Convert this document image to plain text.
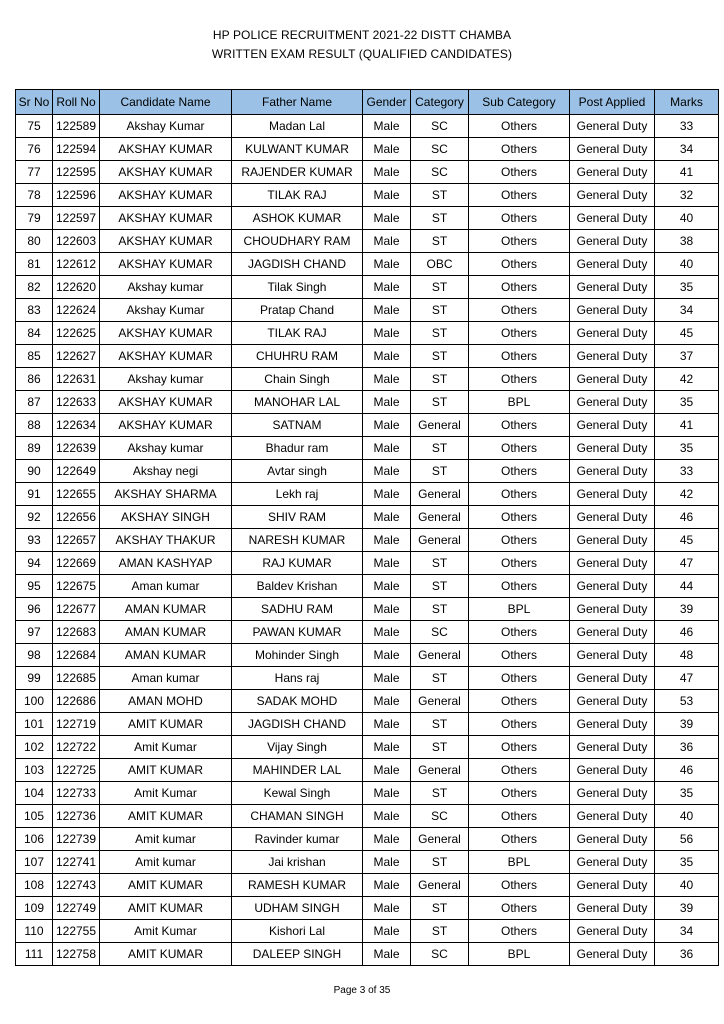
HP POLICE RECRUITMENT 2021-22 DISTT CHAMBA
WRITTEN EXAM RESULT (QUALIFIED CANDIDATES)
Sr No	Roll No	Candidate Name	Father Name	Gender	Category	Sub Category	Post Applied	Marks
75	122589	Akshay Kumar	Madan Lal	Male	SC	Others	General Duty	33
76	122594	AKSHAY KUMAR	KULWANT KUMAR	Male	SC	Others	General Duty	34
77	122595	AKSHAY KUMAR	RAJENDER KUMAR	Male	SC	Others	General Duty	41
78	122596	AKSHAY KUMAR	TILAK RAJ	Male	ST	Others	General Duty	32
79	122597	AKSHAY KUMAR	ASHOK KUMAR	Male	ST	Others	General Duty	40
80	122603	AKSHAY KUMAR	CHOUDHARY RAM	Male	ST	Others	General Duty	38
81	122612	AKSHAY KUMAR	JAGDISH CHAND	Male	OBC	Others	General Duty	40
82	122620	Akshay kumar	Tilak Singh	Male	ST	Others	General Duty	35
83	122624	Akshay Kumar	Pratap Chand	Male	ST	Others	General Duty	34
84	122625	AKSHAY KUMAR	TILAK RAJ	Male	ST	Others	General Duty	45
85	122627	AKSHAY KUMAR	CHUHRU RAM	Male	ST	Others	General Duty	37
86	122631	Akshay kumar	Chain Singh	Male	ST	Others	General Duty	42
87	122633	AKSHAY KUMAR	MANOHAR LAL	Male	ST	BPL	General Duty	35
88	122634	AKSHAY KUMAR	SATNAM	Male	General	Others	General Duty	41
89	122639	Akshay kumar	Bhadur ram	Male	ST	Others	General Duty	35
90	122649	Akshay negi	Avtar singh	Male	ST	Others	General Duty	33
91	122655	AKSHAY SHARMA	Lekh raj	Male	General	Others	General Duty	42
92	122656	AKSHAY SINGH	SHIV RAM	Male	General	Others	General Duty	46
93	122657	AKSHAY THAKUR	NARESH KUMAR	Male	General	Others	General Duty	45
94	122669	AMAN KASHYAP	RAJ KUMAR	Male	ST	Others	General Duty	47
95	122675	Aman kumar	Baldev Krishan	Male	ST	Others	General Duty	44
96	122677	AMAN KUMAR	SADHU RAM	Male	ST	BPL	General Duty	39
97	122683	AMAN KUMAR	PAWAN KUMAR	Male	SC	Others	General Duty	46
98	122684	AMAN KUMAR	Mohinder Singh	Male	General	Others	General Duty	48
99	122685	Aman kumar	Hans raj	Male	ST	Others	General Duty	47
100	122686	AMAN MOHD	SADAK MOHD	Male	General	Others	General Duty	53
101	122719	AMIT KUMAR	JAGDISH CHAND	Male	ST	Others	General Duty	39
102	122722	Amit Kumar	Vijay Singh	Male	ST	Others	General Duty	36
103	122725	AMIT KUMAR	MAHINDER LAL	Male	General	Others	General Duty	46
104	122733	Amit Kumar	Kewal Singh	Male	ST	Others	General Duty	35
105	122736	AMIT KUMAR	CHAMAN SINGH	Male	SC	Others	General Duty	40
106	122739	Amit kumar	Ravinder kumar	Male	General	Others	General Duty	56
107	122741	Amit kumar	Jai krishan	Male	ST	BPL	General Duty	35
108	122743	AMIT KUMAR	RAMESH KUMAR	Male	General	Others	General Duty	40
109	122749	AMIT KUMAR	UDHAM SINGH	Male	ST	Others	General Duty	39
110	122755	Amit Kumar	Kishori Lal	Male	ST	Others	General Duty	34
111	122758	AMIT KUMAR	DALEEP SINGH	Male	SC	BPL	General Duty	36
Page 3 of 35
